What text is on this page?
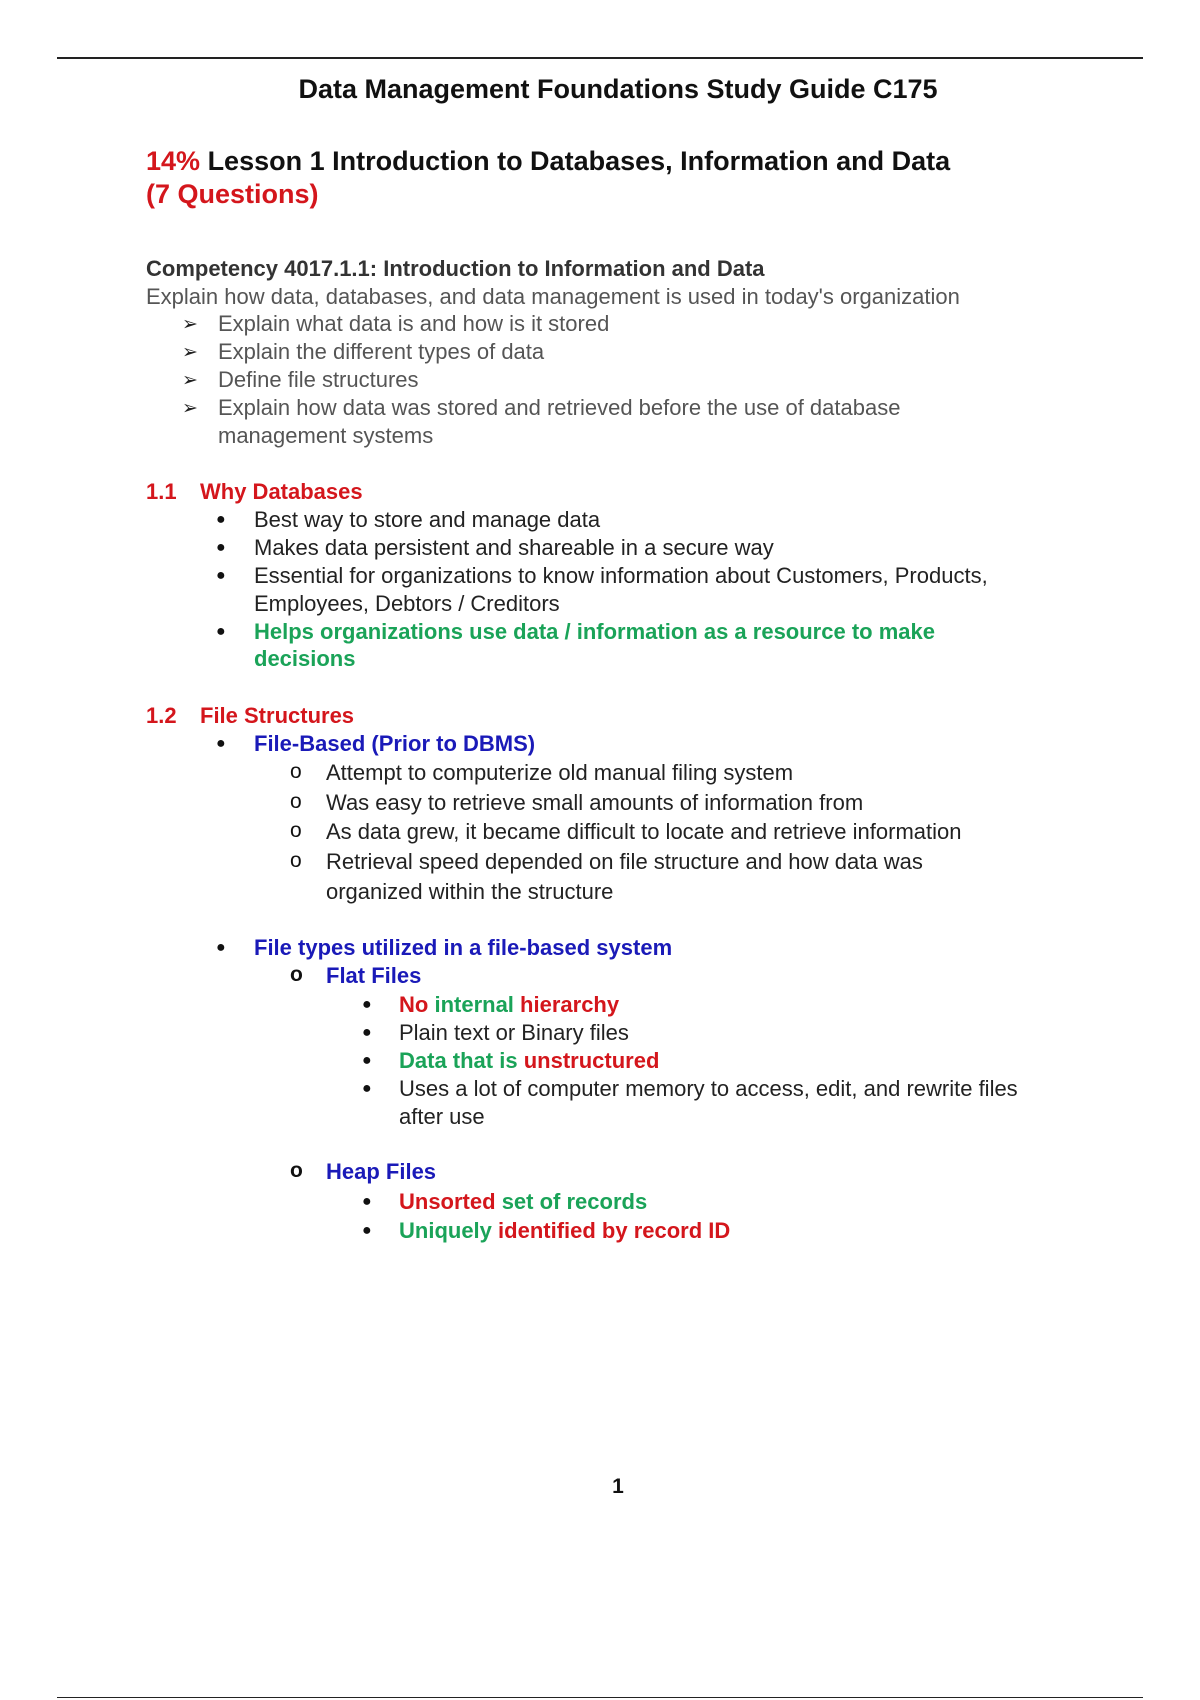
Data Management Foundations Study Guide C175
14% Lesson 1 Introduction to Databases, Information and Data
(7 Questions)
Competency 4017.1.1: Introduction to Information and Data
Explain how data, databases, and data management is used in today's organization
➢ Explain what data is and how is it stored
➢ Explain the different types of data
➢ Define file structures
➢ Explain how data was stored and retrieved before the use of database
management systems
1.1 Why Databases
● Best way to store and manage data
● Makes data persistent and shareable in a secure way
● Essential for organizations to know information about Customers, Products,
Employees, Debtors / Creditors
● Helps organizations use data / information as a resource to make
decisions
1.2 File Structures
● File-Based (Prior to DBMS)
o Attempt to computerize old manual filing system
o Was easy to retrieve small amounts of information from
o As data grew, it became difficult to locate and retrieve information
o Retrieval speed depended on file structure and how data was
organized within the structure
● File types utilized in a file-based system
o Flat Files
● No internal hierarchy
● Plain text or Binary files
● Data that is unstructured
● Uses a lot of computer memory to access, edit, and rewrite files
after use
o Heap Files
● Unsorted set of records
● Uniquely identified by record ID
1
